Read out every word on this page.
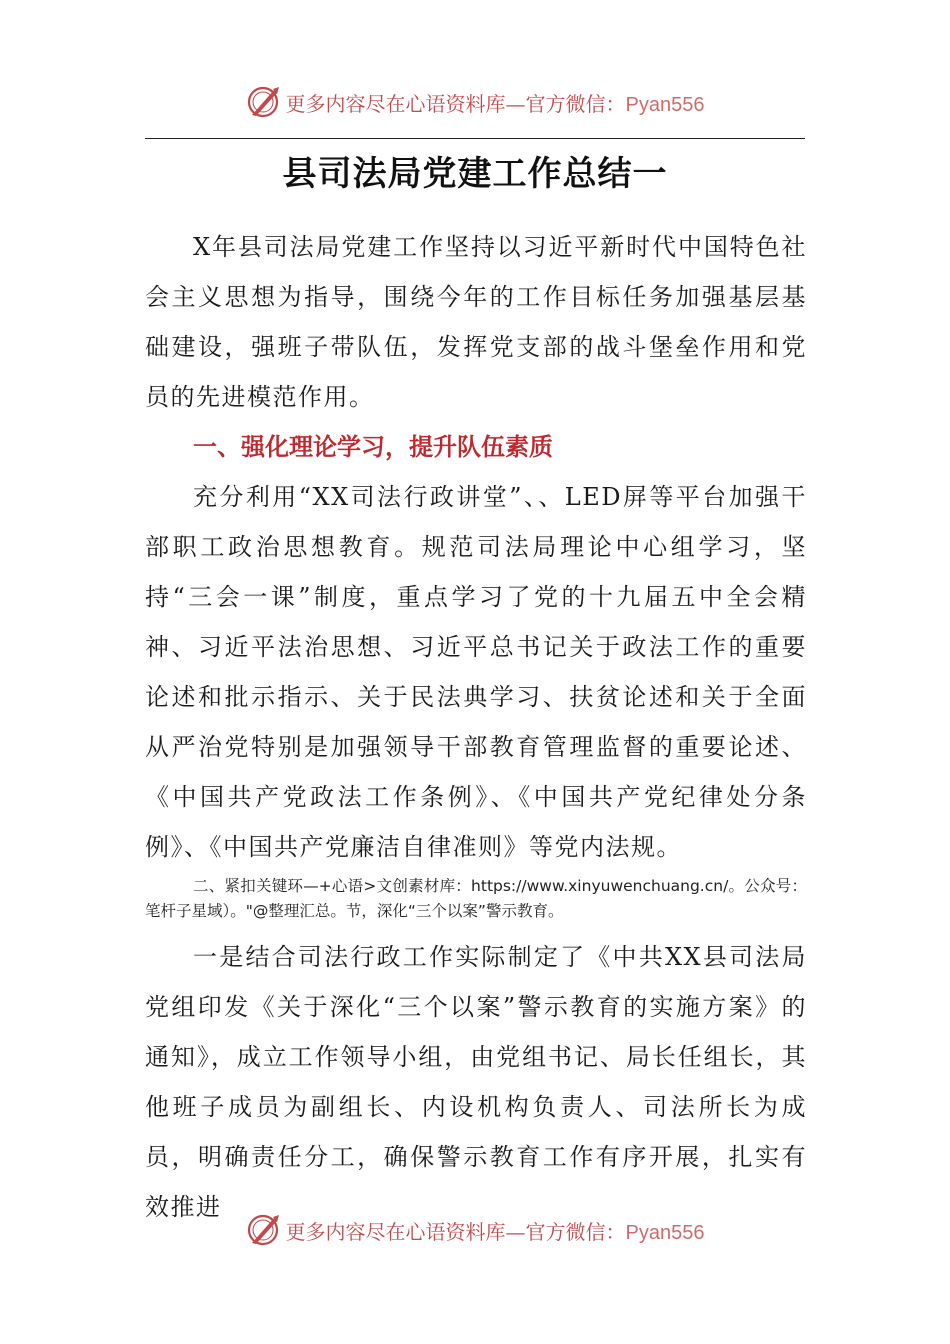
更多内容尽在心语资料库—官方微信：Pyan556
县司法局党建工作总结一

X年县司法局党建工作坚持以习近平新时代中国特色社会主义思想为指导，围绕今年的工作目标任务加强基层基础建设，强班子带队伍，发挥党支部的战斗堡垒作用和党员的先进模范作用。

一、强化理论学习，提升队伍素质

充分利用“XX司法行政讲堂”、、LED屏等平台加强干部职工政治思想教育。规范司法局理论中心组学习，坚持“三会一课”制度，重点学习了党的十九届五中全会精神、习近平法治思想、习近平总书记关于政法工作的重要论述和批示指示、关于民法典学习、扶贫论述和关于全面从严治党特别是加强领导干部教育管理监督的重要论述、《中国共产党政法工作条例》、《中国共产党纪律处分条例》、《中国共产党廉洁自律准则》等党内法规。

二、紧扣关键环—+心语>文创素材库：https://www.xinyuwenchuang.cn/。公众号：笔杆子星域）。"@整理汇总。节，深化“三个以案”警示教育。

一是结合司法行政工作实际制定了《中共XX县司法局党组印发《关于深化“三个以案”警示教育的实施方案》的通知》，成立工作领导小组，由党组书记、局长任组长，其他班子成员为副组长、内设机构负责人、司法所长为成员，明确责任分工，确保警示教育工作有序开展，扎实有效推进

更多内容尽在心语资料库—官方微信：Pyan556
